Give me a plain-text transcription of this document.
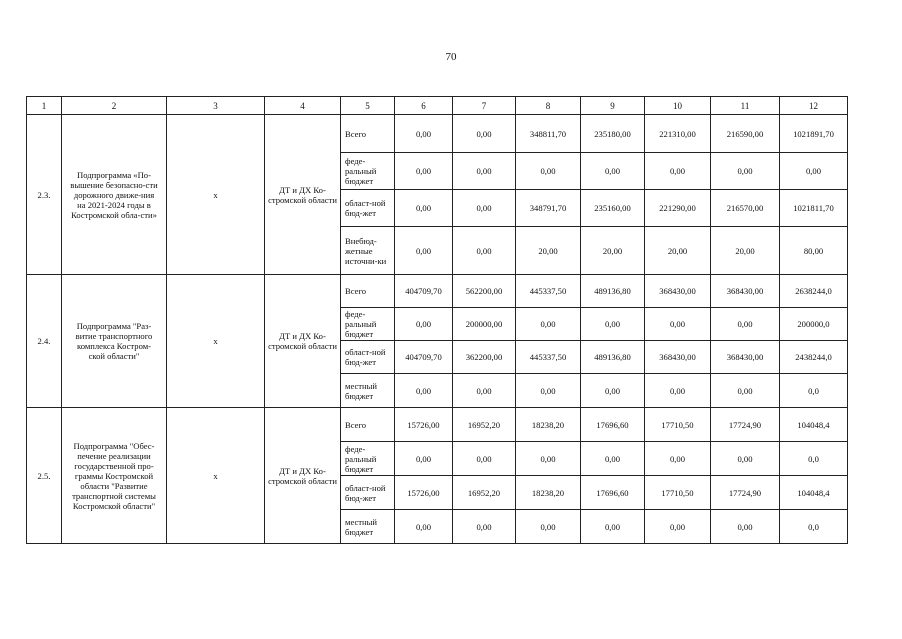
70
1	2	3	4	5	6	7	8	9	10	11	12
2.3.	Подпрограмма «По-вышение безопасно-сти дорожного движе-ния на 2021-2024 годы в Костромской обла-сти»	х	ДТ и ДХ Ко-стромской области	Всего	0,00	0,00	348811,70	235180,00	221310,00	216590,00	1021891,70
				феде-ральный бюджет	0,00	0,00	0,00	0,00	0,00	0,00	0,00
				област-ной бюд-жет	0,00	0,00	348791,70	235160,00	221290,00	216570,00	1021811,70
				Внебюд-жетные источни-ки	0,00	0,00	20,00	20,00	20,00	20,00	80,00
2.4.	Подпрограмма "Раз-витие транспортного комплекса Костром-ской области"	х	ДТ и ДХ Ко-стромской области	Всего	404709,70	562200,00	445337,50	489136,80	368430,00	368430,00	2638244,0
				феде-ральный бюджет	0,00	200000,00	0,00	0,00	0,00	0,00	200000,0
				област-ной бюд-жет	404709,70	362200,00	445337,50	489136,80	368430,00	368430,00	2438244,0
				местный бюджет	0,00	0,00	0,00	0,00	0,00	0,00	0,0
2.5.	Подпрограмма "Обес-печение реализации государственной про-граммы Костромской области "Развитие транспортной системы Костромской области"	х	ДТ и ДХ Ко-стромской области	Всего	15726,00	16952,20	18238,20	17696,60	17710,50	17724,90	104048,4
				феде-ральный бюджет	0,00	0,00	0,00	0,00	0,00	0,00	0,0
				област-ной бюд-жет	15726,00	16952,20	18238,20	17696,60	17710,50	17724,90	104048,4
				местный бюджет	0,00	0,00	0,00	0,00	0,00	0,00	0,0
